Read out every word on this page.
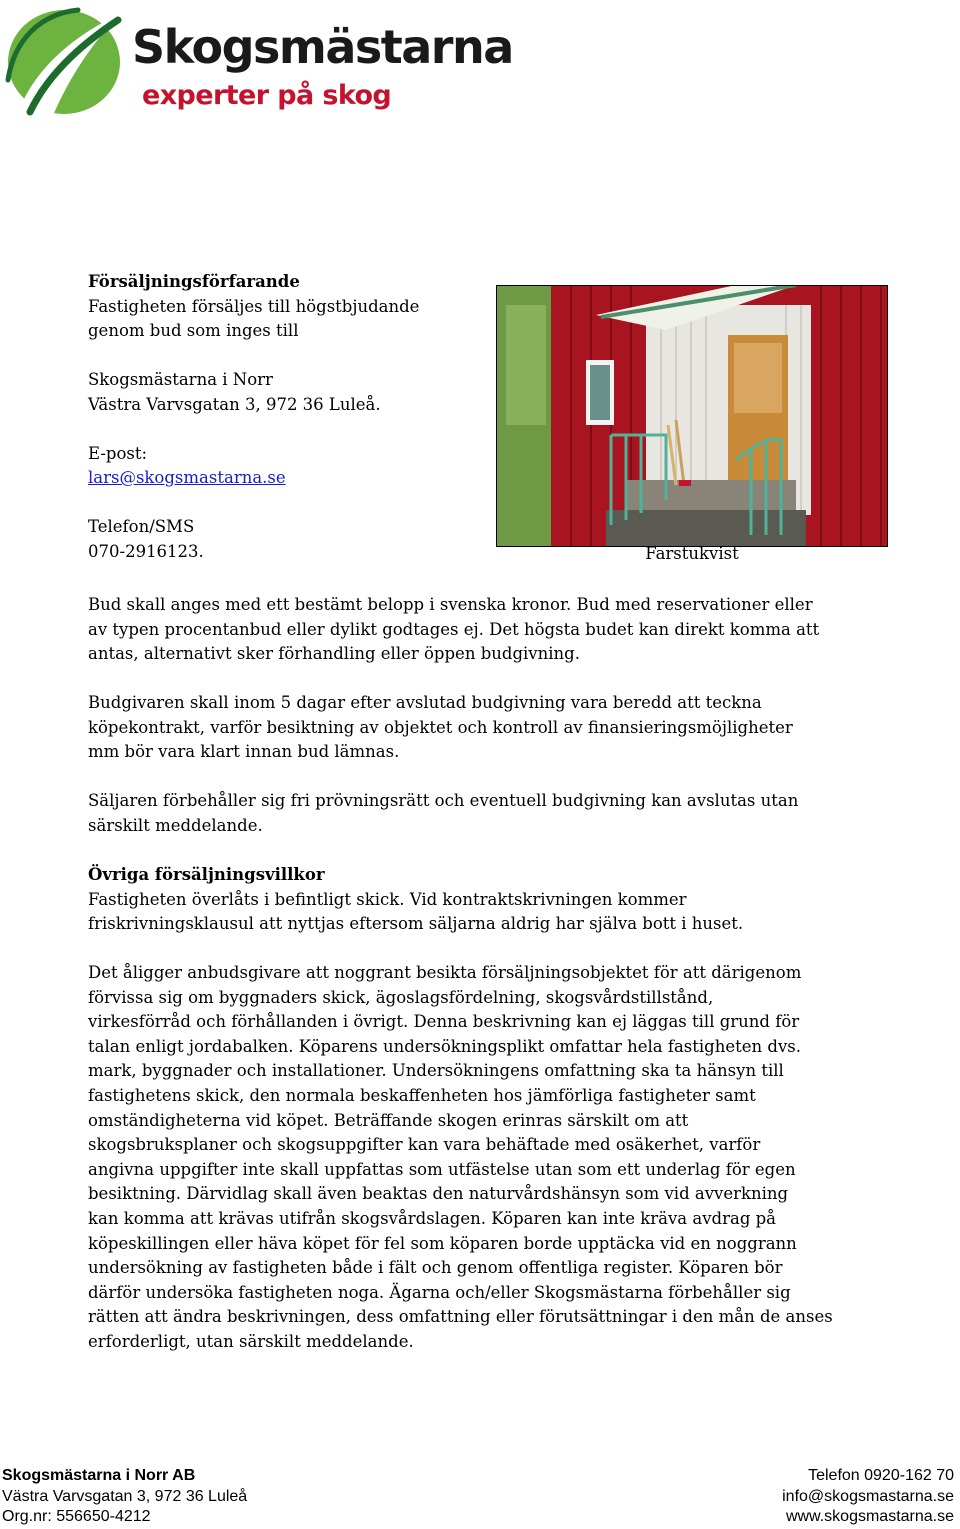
Skogsmästarna
experter på skog
Försäljningsförfarande
Fastigheten försäljes till högstbjudande
genom bud som inges till
Skogsmästarna i Norr
Västra Varvsgatan 3, 972 36 Luleå.
E-post:
lars@skogsmastarna.se
Telefon/SMS
070-2916123.	Farstukvist
Bud skall anges med ett bestämt belopp i svenska kronor. Bud med reservationer eller
av typen procentanbud eller dylikt godtages ej. Det högsta budet kan direkt komma att
antas, alternativt sker förhandling eller öppen budgivning.
Budgivaren skall inom 5 dagar efter avslutad budgivning vara beredd att teckna
köpekontrakt, varför besiktning av objektet och kontroll av finansieringsmöjligheter
mm bör vara klart innan bud lämnas.
Säljaren förbehåller sig fri prövningsrätt och eventuell budgivning kan avslutas utan
särskilt meddelande.
Övriga försäljningsvillkor
Fastigheten överlåts i befintligt skick. Vid kontraktskrivningen kommer
friskrivningsklausul att nyttjas eftersom säljarna aldrig har själva bott i huset.
Det åligger anbudsgivare att noggrant besikta försäljningsobjektet för att därigenom
förvissa sig om byggnaders skick, ägoslagsfördelning, skogsvårdstillstånd,
virkesförråd och förhållanden i övrigt. Denna beskrivning kan ej läggas till grund för
talan enligt jordabalken. Köparens undersökningsplikt omfattar hela fastigheten dvs.
mark, byggnader och installationer. Undersökningens omfattning ska ta hänsyn till
fastighetens skick, den normala beskaffenheten hos jämförliga fastigheter samt
omständigheterna vid köpet. Beträffande skogen erinras särskilt om att
skogsbruksplaner och skogsuppgifter kan vara behäftade med osäkerhet, varför
angivna uppgifter inte skall uppfattas som utfästelse utan som ett underlag för egen
besiktning. Därvidlag skall även beaktas den naturvårdshänsyn som vid avverkning
kan komma att krävas utifrån skogsvårdslagen. Köparen kan inte kräva avdrag på
köpeskillingen eller häva köpet för fel som köparen borde upptäcka vid en noggrann
undersökning av fastigheten både i fält och genom offentliga register. Köparen bör
därför undersöka fastigheten noga. Ägarna och/eller Skogsmästarna förbehåller sig
rätten att ändra beskrivningen, dess omfattning eller förutsättningar i den mån de anses
erforderligt, utan särskilt meddelande.
Skogsmästarna i Norr AB
Västra Varvsgatan 3, 972 36 Luleå
Org.nr: 556650-4212
Telefon 0920-162 70
info@skogsmastarna.se
www.skogsmastarna.se
